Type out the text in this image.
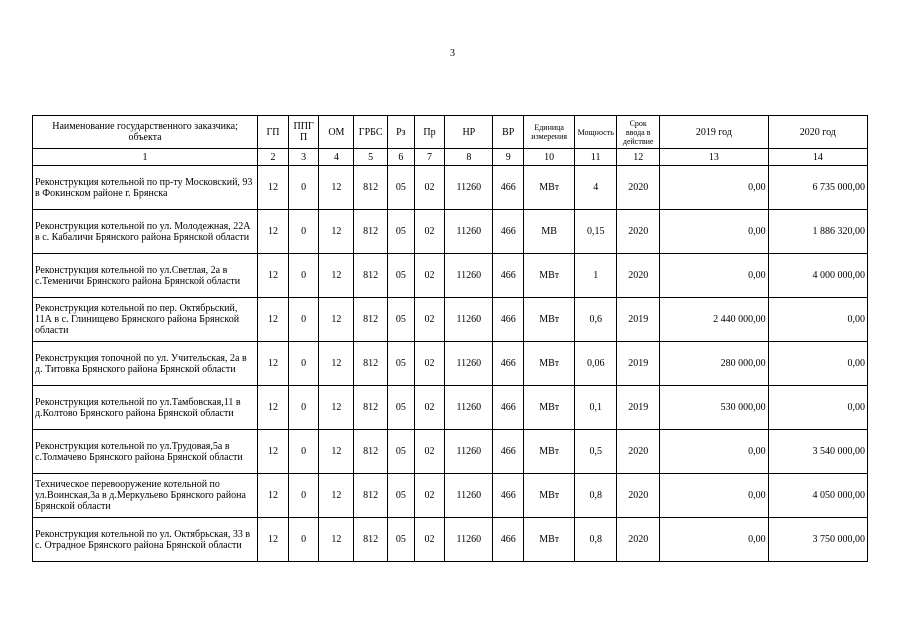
3
Наименование государственного заказчика; объекта	ГП	ППГ П	ОМ	ГРБС	Рз	Пр	НР	ВР	Единица измерения	Мощность	Срок ввода в действие	2019 год	2020 год
1	2	3	4	5	6	7	8	9	10	11	12	13	14
Реконструкция котельной по пр-ту Московский, 93 в Фокинском районе г. Брянска	12	0	12	812	05	02	11260	466	МВт	4	2020	0,00	6 735 000,00
Реконструкция котельной по ул. Молодежная, 22А в с. Кабаличи Брянского района Брянской области	12	0	12	812	05	02	11260	466	МВ	0,15	2020	0,00	1 886 320,00
Реконструкция котельной по ул.Светлая, 2а в с.Теменичи Брянского района Брянской области	12	0	12	812	05	02	11260	466	МВт	1	2020	0,00	4 000 000,00
Реконструкция котельной по пер. Октябрьский, 11А в с. Глинищево Брянского района Брянской области	12	0	12	812	05	02	11260	466	МВт	0,6	2019	2 440 000,00	0,00
Реконструкция топочной по ул. Учительская, 2а в д. Титовка Брянского района Брянской области	12	0	12	812	05	02	11260	466	МВт	0,06	2019	280 000,00	0,00
Реконструкция котельной по ул.Тамбовская,11 в д.Колтово Брянского района Брянской области	12	0	12	812	05	02	11260	466	МВт	0,1	2019	530 000,00	0,00
Реконструкция котельной по ул.Трудовая,5а в с.Толмачево Брянского района Брянской области	12	0	12	812	05	02	11260	466	МВт	0,5	2020	0,00	3 540 000,00
Техническое перевооружение котельной по ул.Воинская,3а в д.Меркульево Брянского района Брянской области	12	0	12	812	05	02	11260	466	МВт	0,8	2020	0,00	4 050 000,00
Реконструкция котельной по ул. Октябрьская, 33 в с. Отрадное Брянского района Брянской области	12	0	12	812	05	02	11260	466	МВт	0,8	2020	0,00	3 750 000,00
